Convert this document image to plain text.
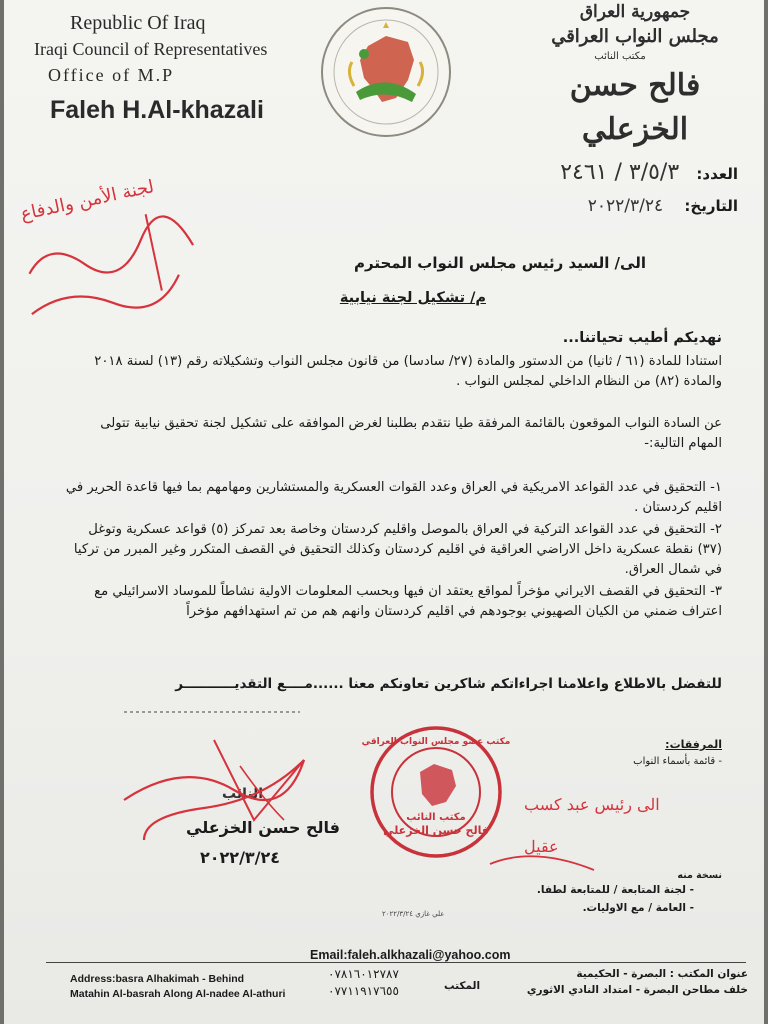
Republic Of Iraq
Iraqi Council of Representatives
Office of M.P
Faleh H.Al-khazali
جمهورية العراق
مجلس النواب العراقي
مكتب النائب
فالح حسن الخزعلي
العدد: ٣/٥/٣ / ٢٤٦١
التاريخ: ٢٠٢٢/٣/٢٤
الى/ السيد رئيس مجلس النواب المحترم
م/ تشكيل لجنة نيابية
نهديكم أطيب تحياتنا...
استنادا للمادة (٦١ / ثانيا) من الدستور والمادة (٢٧/ سادسا) من قانون مجلس النواب وتشكيلاته رقم (١٣) لسنة ٢٠١٨ والمادة (٨٢) من النظام الداخلي لمجلس النواب .
عن السادة النواب الموقعون بالقائمة المرفقة طيا نتقدم بطلبنا لغرض الموافقه على تشكيل لجنة تحقيق نيابية تتولى المهام التالية:-
١- التحقيق في عدد القواعد الامريكية في العراق وعدد القوات العسكرية والمستشارين ومهامهم بما فيها قاعدة الحرير في اقليم كردستان .
٢- التحقيق في عدد القواعد التركية في العراق بالموصل واقليم كردستان وخاصة بعد تمركز (٥) قواعد عسكرية وتوغل (٣٧) نقطة عسكرية داخل الاراضي العراقية في اقليم كردستان وكذلك التحقيق في القصف المتكرر وغير المبرر من تركيا في شمال العراق.
٣- التحقيق في القصف الايراني مؤخراً لمواقع يعتقد ان فيها وبحسب المعلومات الاولية نشاطاً للموساد الاسرائيلي مع اعتراف ضمني من الكيان الصهيوني بوجودهم في اقليم كردستان وانهم هم من تم استهدافهم مؤخراً
للتفضل بالاطلاع واعلامنا اجراءاتكم شاكرين تعاونكم معنا ......مــــع التقديـــــــــــر
المرفقات:
- قائمة بأسماء النواب
النائب
فالح حسن الخزعلي
٢٠٢٢/٣/٢٤
نسخة منه
- لجنة المتابعة / للمتابعة لطفا.
- العامة / مع الاوليات.
علي غازي ٢٠٢٢/٣/٢٤
لجنة الأمن والدفاع
مكتب عضو مجلس النواب العراقي
مكتب النائب
فالح حسن الخزعلي
الى رئيس عبد كسب
عقيل
Email:faleh.alkhazali@yahoo.com
Address:basra Alhakimah - Behind
Matahin Al-basrah Along Al-nadee Al-athuri
٠٧٨١٦٠١٢٧٨٧
٠٧٧١١٩١٧٦٥٥	المكتب
عنوان المكتب : البصرة - الحكيمية
خلف مطاحن البصرة - امتداد النادي الاثوري
